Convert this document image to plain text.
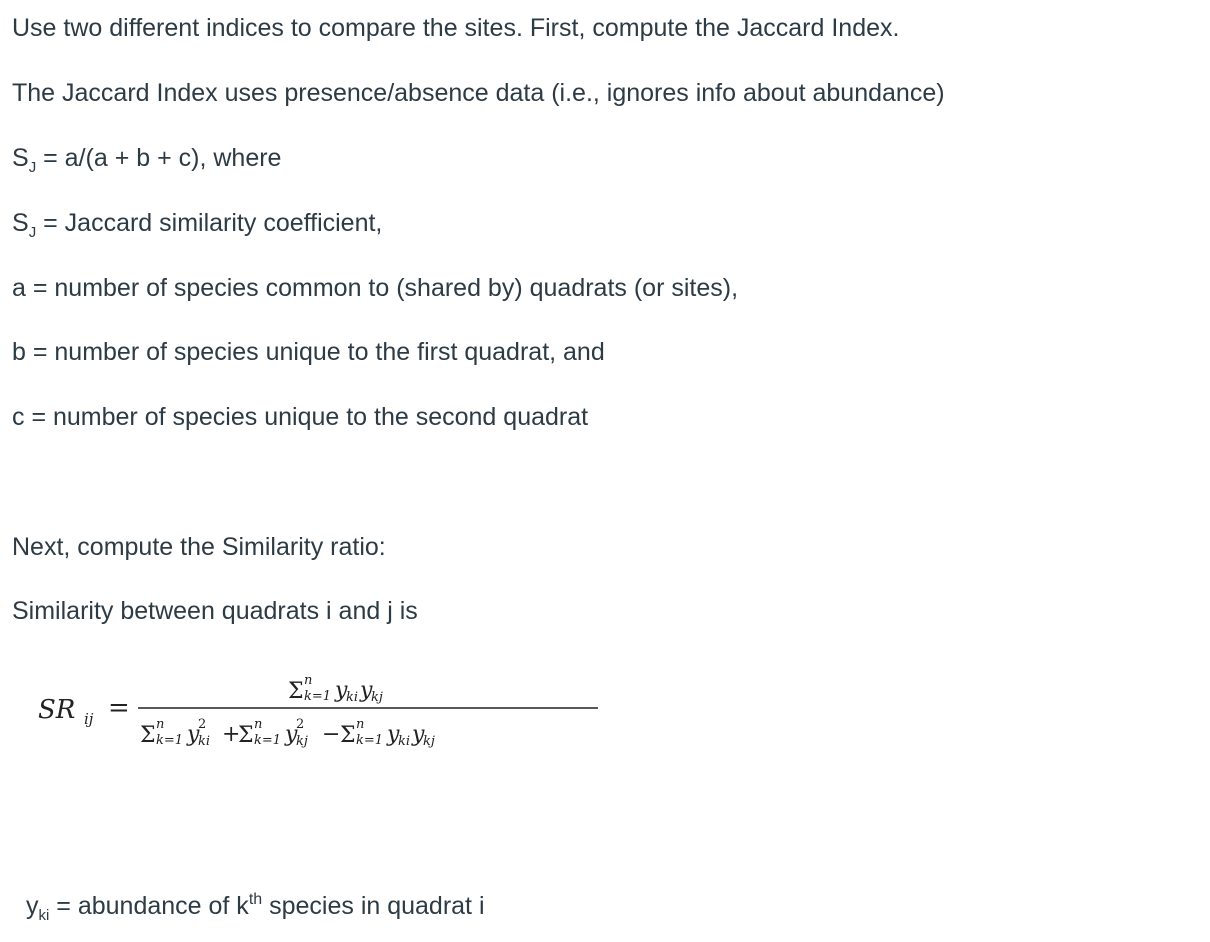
Use two different indices to compare the sites. First, compute the Jaccard Index.

The Jaccard Index uses presence/absence data (i.e., ignores info about abundance)

$S_J = a/(a + b + c)$, where

$S_J$ = Jaccard similarity coefficient,

a = number of species common to (shared by) quadrats (or sites),

b = number of species unique to the first quadrat, and

c = number of species unique to the second quadrat

Next, compute the Similarity ratio:

Similarity between quadrats i and j is

SR ij =
Σ n
k=1 y
ki y
kj
Σ n
k=1 y
2
ki +
Σ n
k=1 y
2
kj − Σ n
k=1 y
ki y
kj

$y_{ki}$ = abundance of $k^{th}$ species in quadrat i
